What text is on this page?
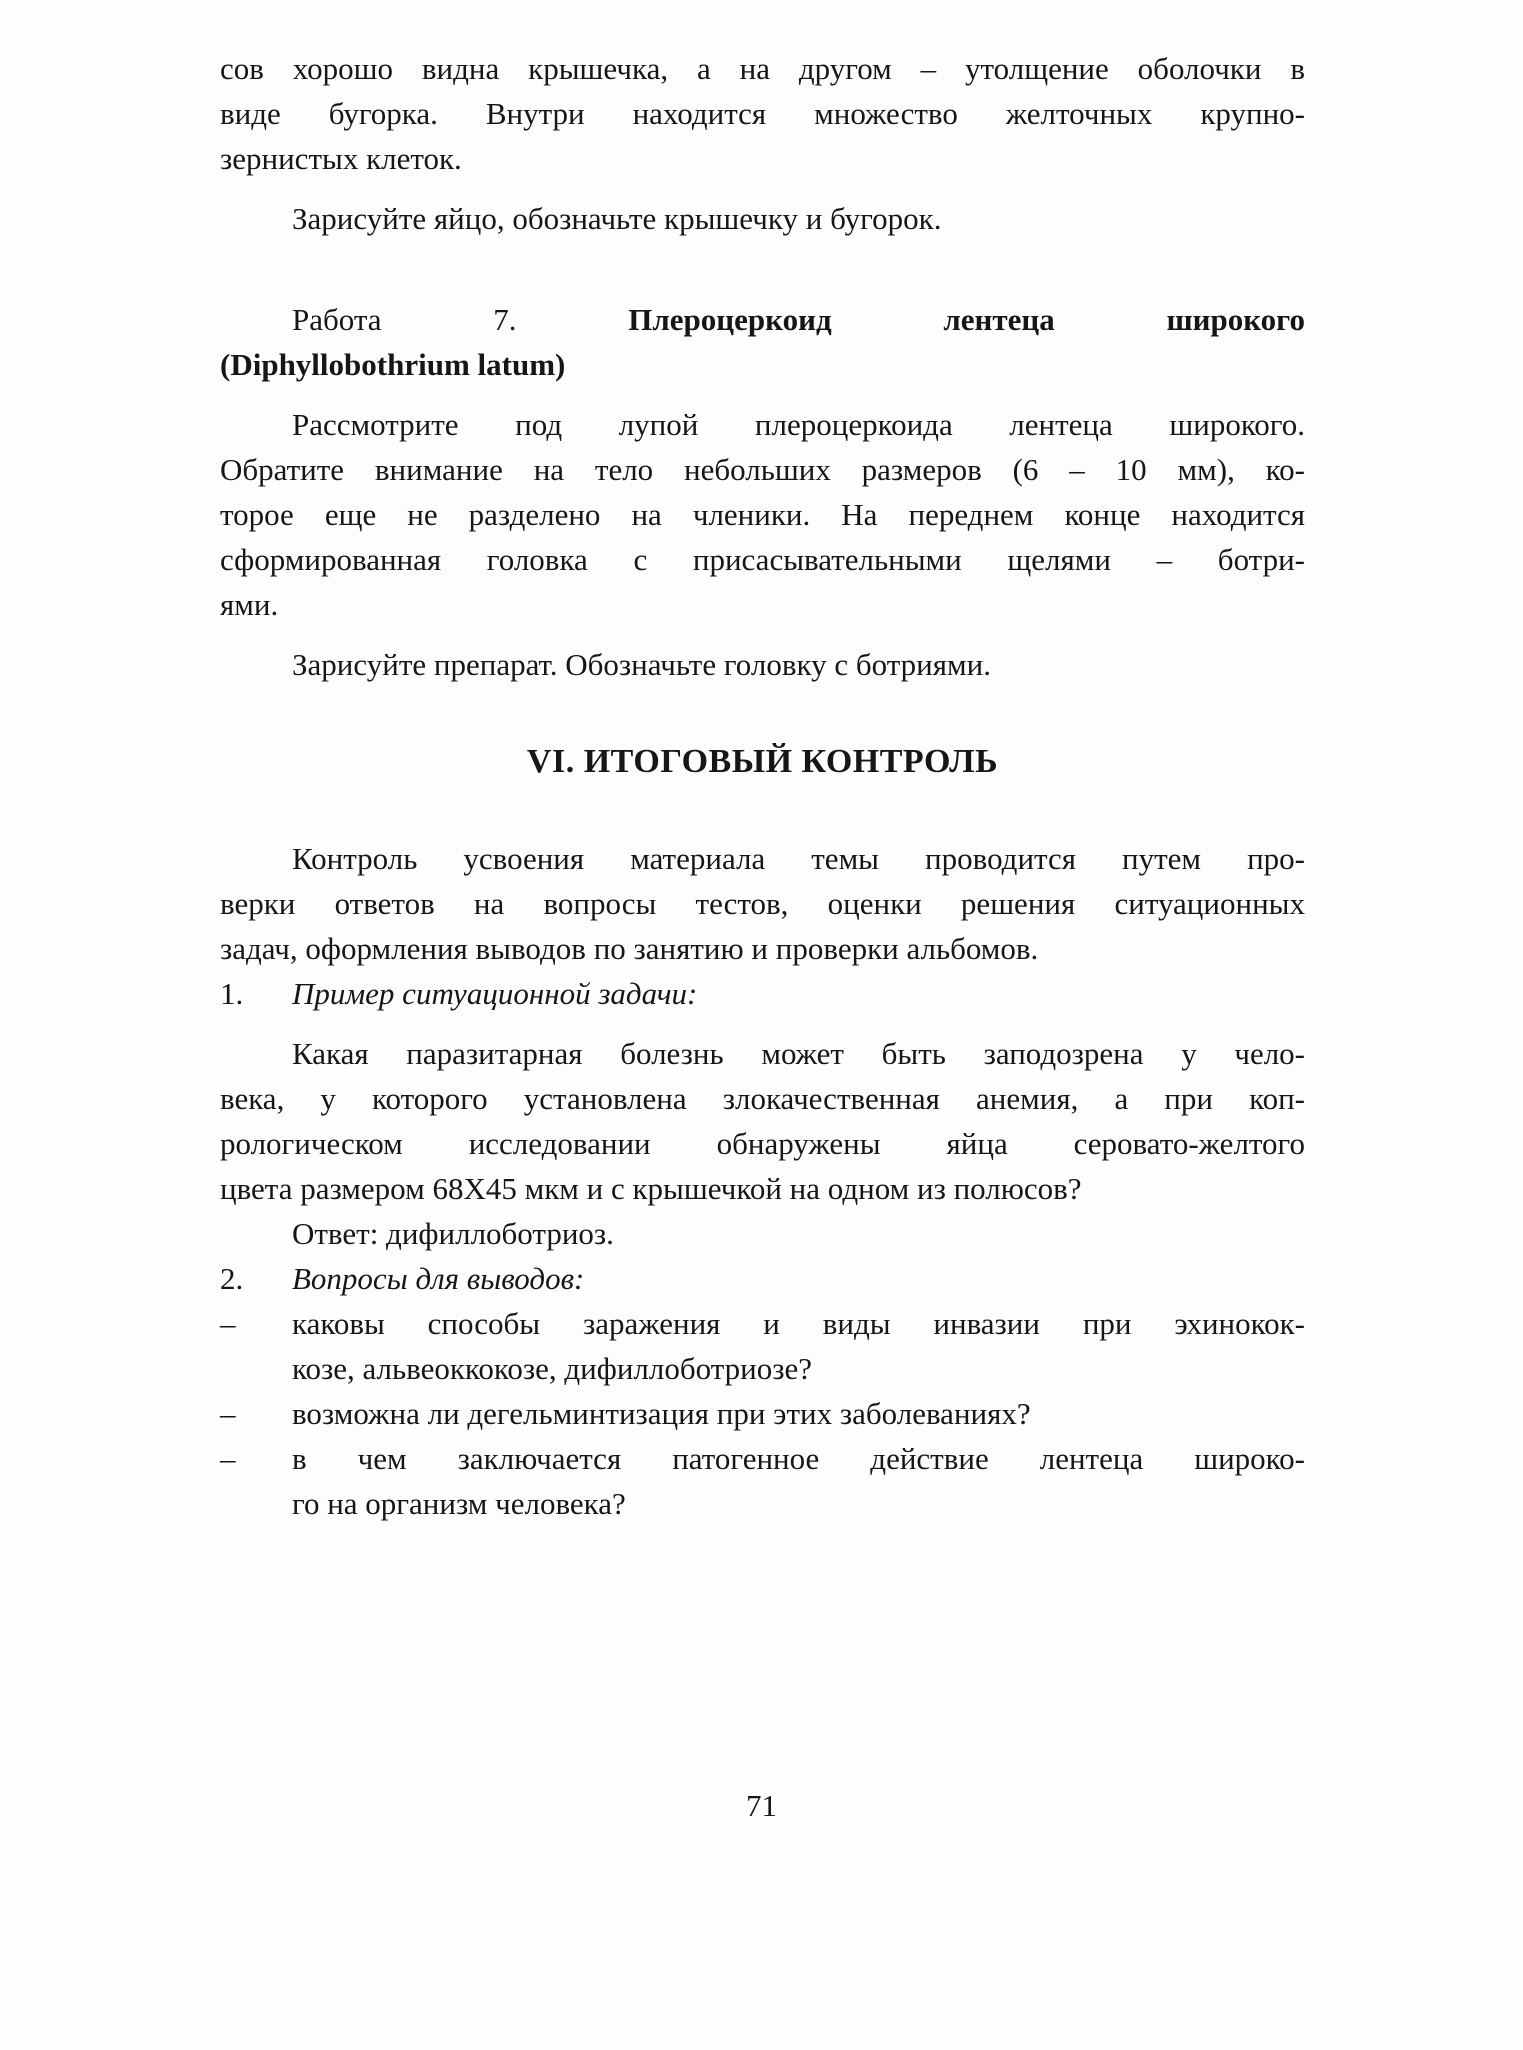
сов хорошо видна крышечка, а на другом – утолщение оболочки в

виде бугорка. Внутри находится множество желточных крупно-

зернистых клеток.

Зарисуйте яйцо, обозначьте крышечку и бугорок.

Работа 7.	Плероцеркоид лентеца широкого

(Diphyllobothrium latum)

Рассмотрите под лупой плероцеркоида лентеца широкого.

Обратите внимание на тело небольших размеров (6 – 10 мм), ко-

торое еще не разделено на членики. На переднем конце находится

сформированная головка с присасывательными щелями – ботри-

ями.

Зарисуйте препарат. Обозначьте головку с ботриями.

VI. ИТОГОВЫЙ КОНТРОЛЬ

Контроль усвоения материала темы проводится путем про-

верки ответов на вопросы тестов, оценки решения ситуационных

задач, оформления выводов по занятию и проверки альбомов.

1.	Пример ситуационной задачи:

Какая паразитарная болезнь может быть заподозрена у чело-

века, у которого установлена злокачественная анемия, а при коп-

рологическом исследовании обнаружены яйца серовато-желтого

цвета размером 68Х45 мкм и с крышечкой на одном из полюсов?

Ответ: дифиллоботриоз.

2.	Вопросы для выводов:
–	каковы способы заражения и виды инвазии при эхинокок-

козе, альвеоккокозе, дифиллоботриозе?

–	возможна ли дегельминтизация при этих заболеваниях?

–	в чем заключается патогенное действие лентеца широко-

го на организм человека?

71
